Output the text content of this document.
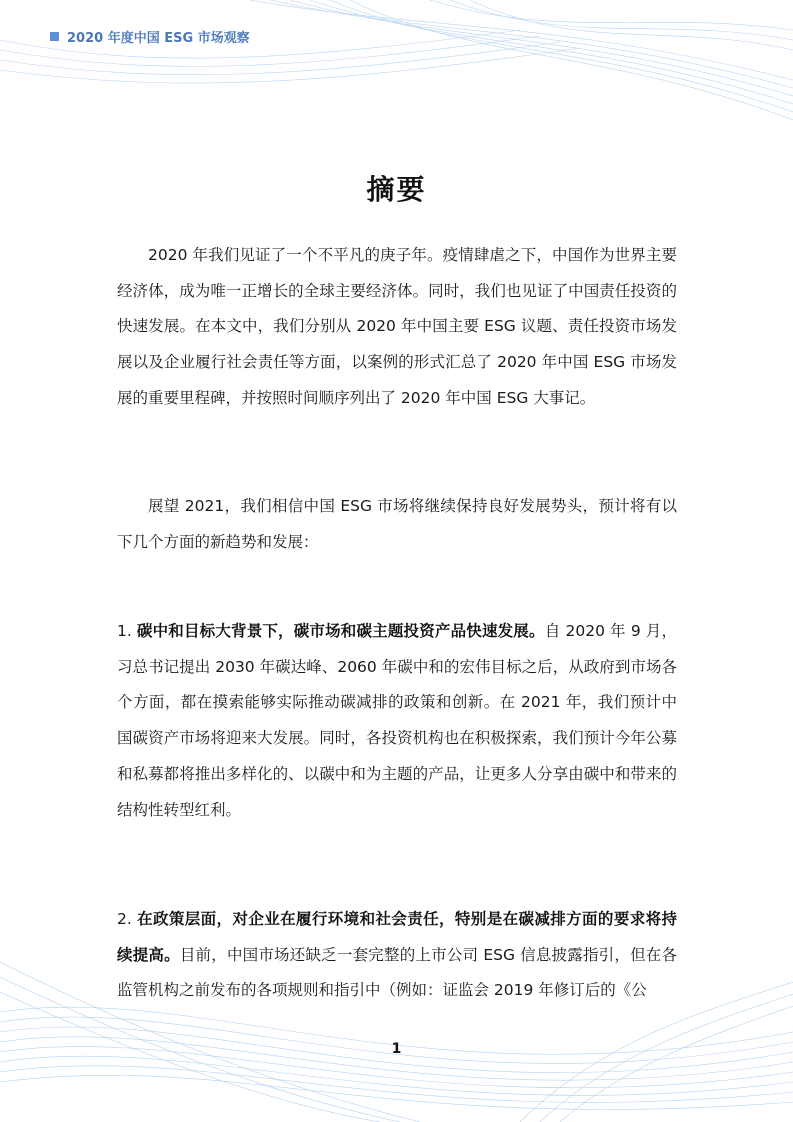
2020 年度中国 ESG 市场观察
摘要

2020 年我们见证了一个不平凡的庚子年。疫情肆虐之下，中国作为世界主要经济体，成为唯一正增长的全球主要经济体。同时，我们也见证了中国责任投资的快速发展。在本文中，我们分别从 2020 年中国主要 ESG 议题、责任投资市场发展以及企业履行社会责任等方面，以案例的形式汇总了 2020 年中国 ESG 市场发展的重要里程碑，并按照时间顺序列出了 2020 年中国 ESG 大事记。

展望 2021，我们相信中国 ESG 市场将继续保持良好发展势头，预计将有以下几个方面的新趋势和发展：

1. 碳中和目标大背景下，碳市场和碳主题投资产品快速发展。自 2020 年 9 月，习总书记提出 2030 年碳达峰、2060 年碳中和的宏伟目标之后，从政府到市场各个方面，都在摸索能够实际推动碳减排的政策和创新。在 2021 年，我们预计中国碳资产市场将迎来大发展。同时，各投资机构也在积极探索，我们预计今年公募和私募都将推出多样化的、以碳中和为主题的产品，让更多人分享由碳中和带来的结构性转型红利。

2. 在政策层面，对企业在履行环境和社会责任，特别是在碳减排方面的要求将持续提高。目前，中国市场还缺乏一套完整的上市公司 ESG 信息披露指引，但在各监管机构之前发布的各项规则和指引中（例如：证监会 2019 年修订后的《公

1
